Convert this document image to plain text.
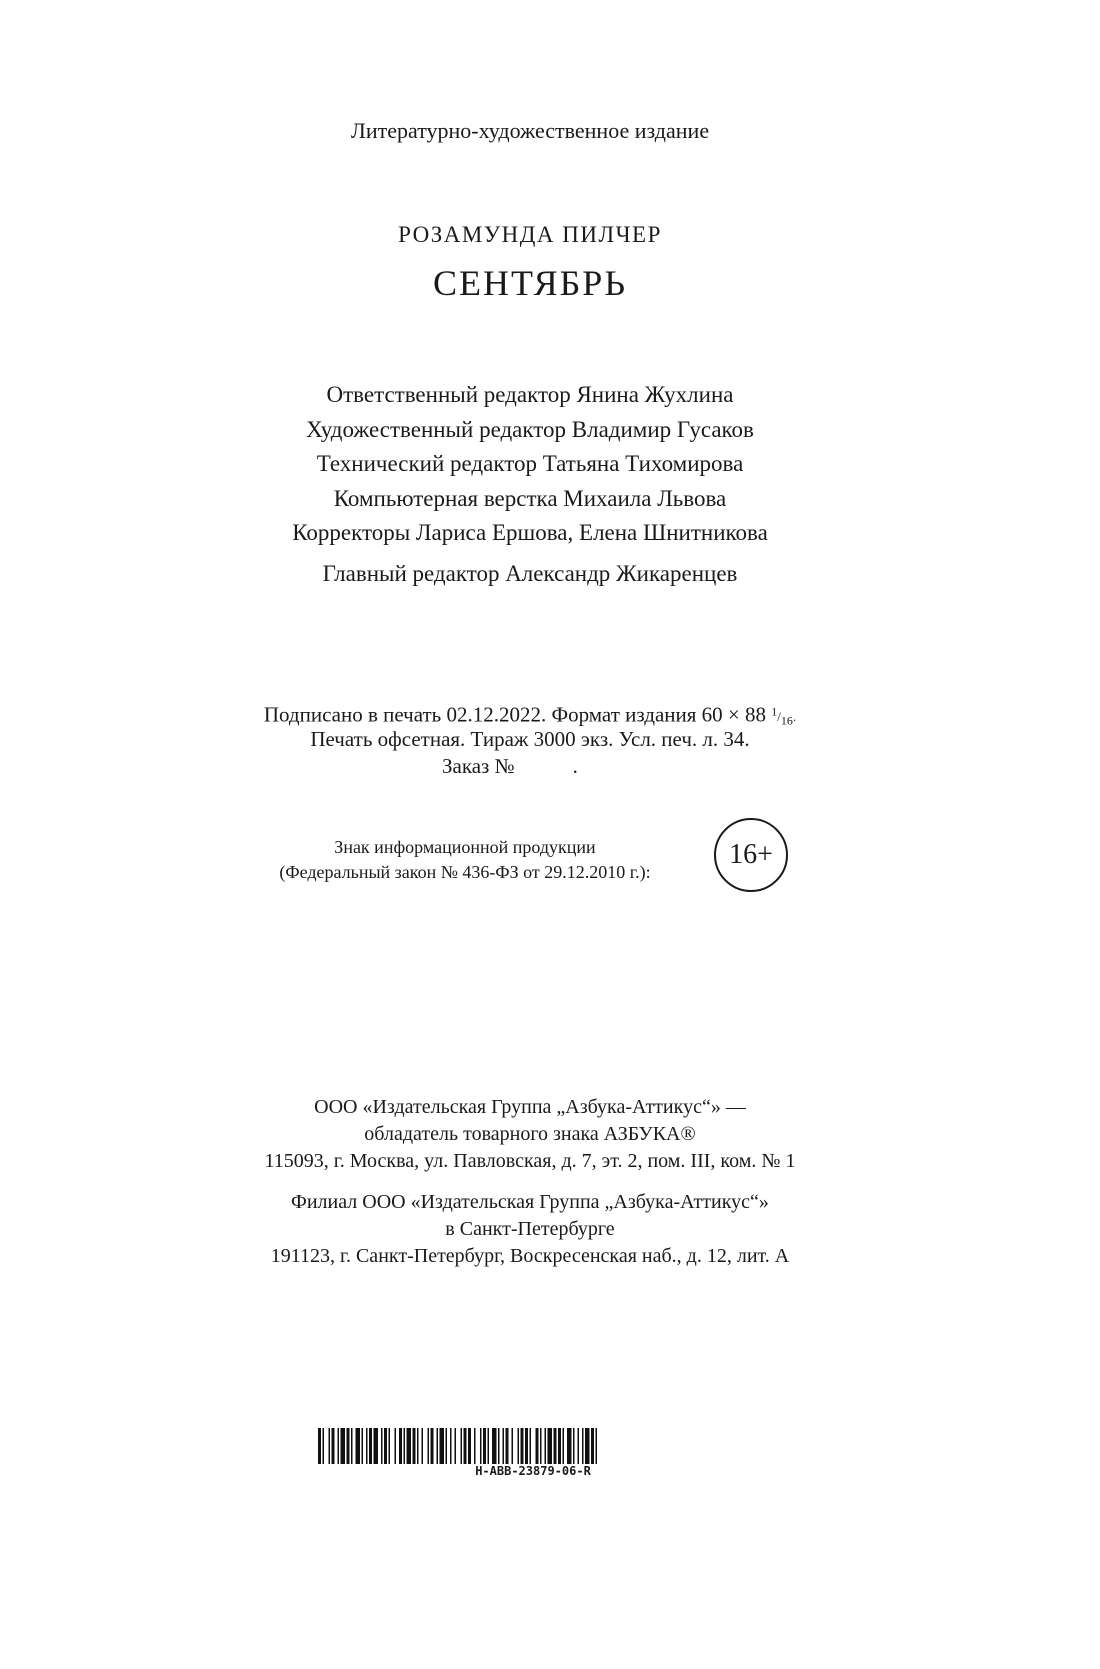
Литературно-художественное издание
РОЗАМУНДА ПИЛЧЕР
СЕНТЯБРЬ
Ответственный редактор Янина Жухлина
Художественный редактор Владимир Гусаков
Технический редактор Татьяна Тихомирова
Компьютерная верстка Михаила Львова
Корректоры Лариса Ершова, Елена Шнитникова
Главный редактор Александр Жикаренцев
Подписано в печать 02.12.2022. Формат издания 60 × 88 $^1/_{16}$.
Печать офсетная. Тираж 3000 экз. Усл. печ. л. 34.
Заказ №	.
Знак информационной продукции
(Федеральный закон № 436-ФЗ от 29.12.2010 г.):
16+
ООО «Издательская Группа „Азбука-Аттикус“» —
обладатель товарного знака АЗБУКА®
115093, г. Москва, ул. Павловская, д. 7, эт. 2, пом. III, ком. № 1
Филиал ООО «Издательская Группа „Азбука-Аттикус“»
в Санкт-Петербурге
191123, г. Санкт-Петербург, Воскресенская наб., д. 12, лит. А
H-ABB-23879-06-R
